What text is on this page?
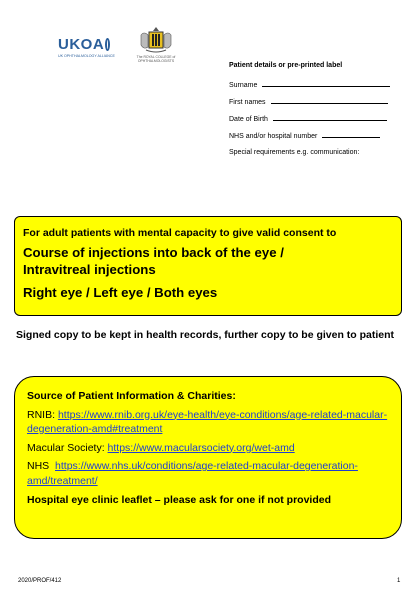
UKOA
UK OPHTHALMOLOGY ALLIANCE	The ROYAL COLLEGE of
OPHTHALMOLOGISTS
Patient details or pre-printed label
Surname
First names
Date of Birth
NHS and/or hospital number
Special requirements e.g. communication:
For adult patients with mental capacity to give valid consent to
Course of injections into back of the eye /
Intravitreal injections
Right eye / Left eye / Both eyes
Signed copy to be kept in health records, further copy to be given to patient
Source of Patient Information & Charities:
RNIB: https://www.rnib.org.uk/eye-health/eye-conditions/age-related-macular-degeneration-amd#treatment
Macular Society: https://www.macularsociety.org/wet-amd
NHS https://www.nhs.uk/conditions/age-related-macular-degeneration-amd/treatment/
Hospital eye clinic leaflet – please ask for one if not provided
2020/PROF/412	1
